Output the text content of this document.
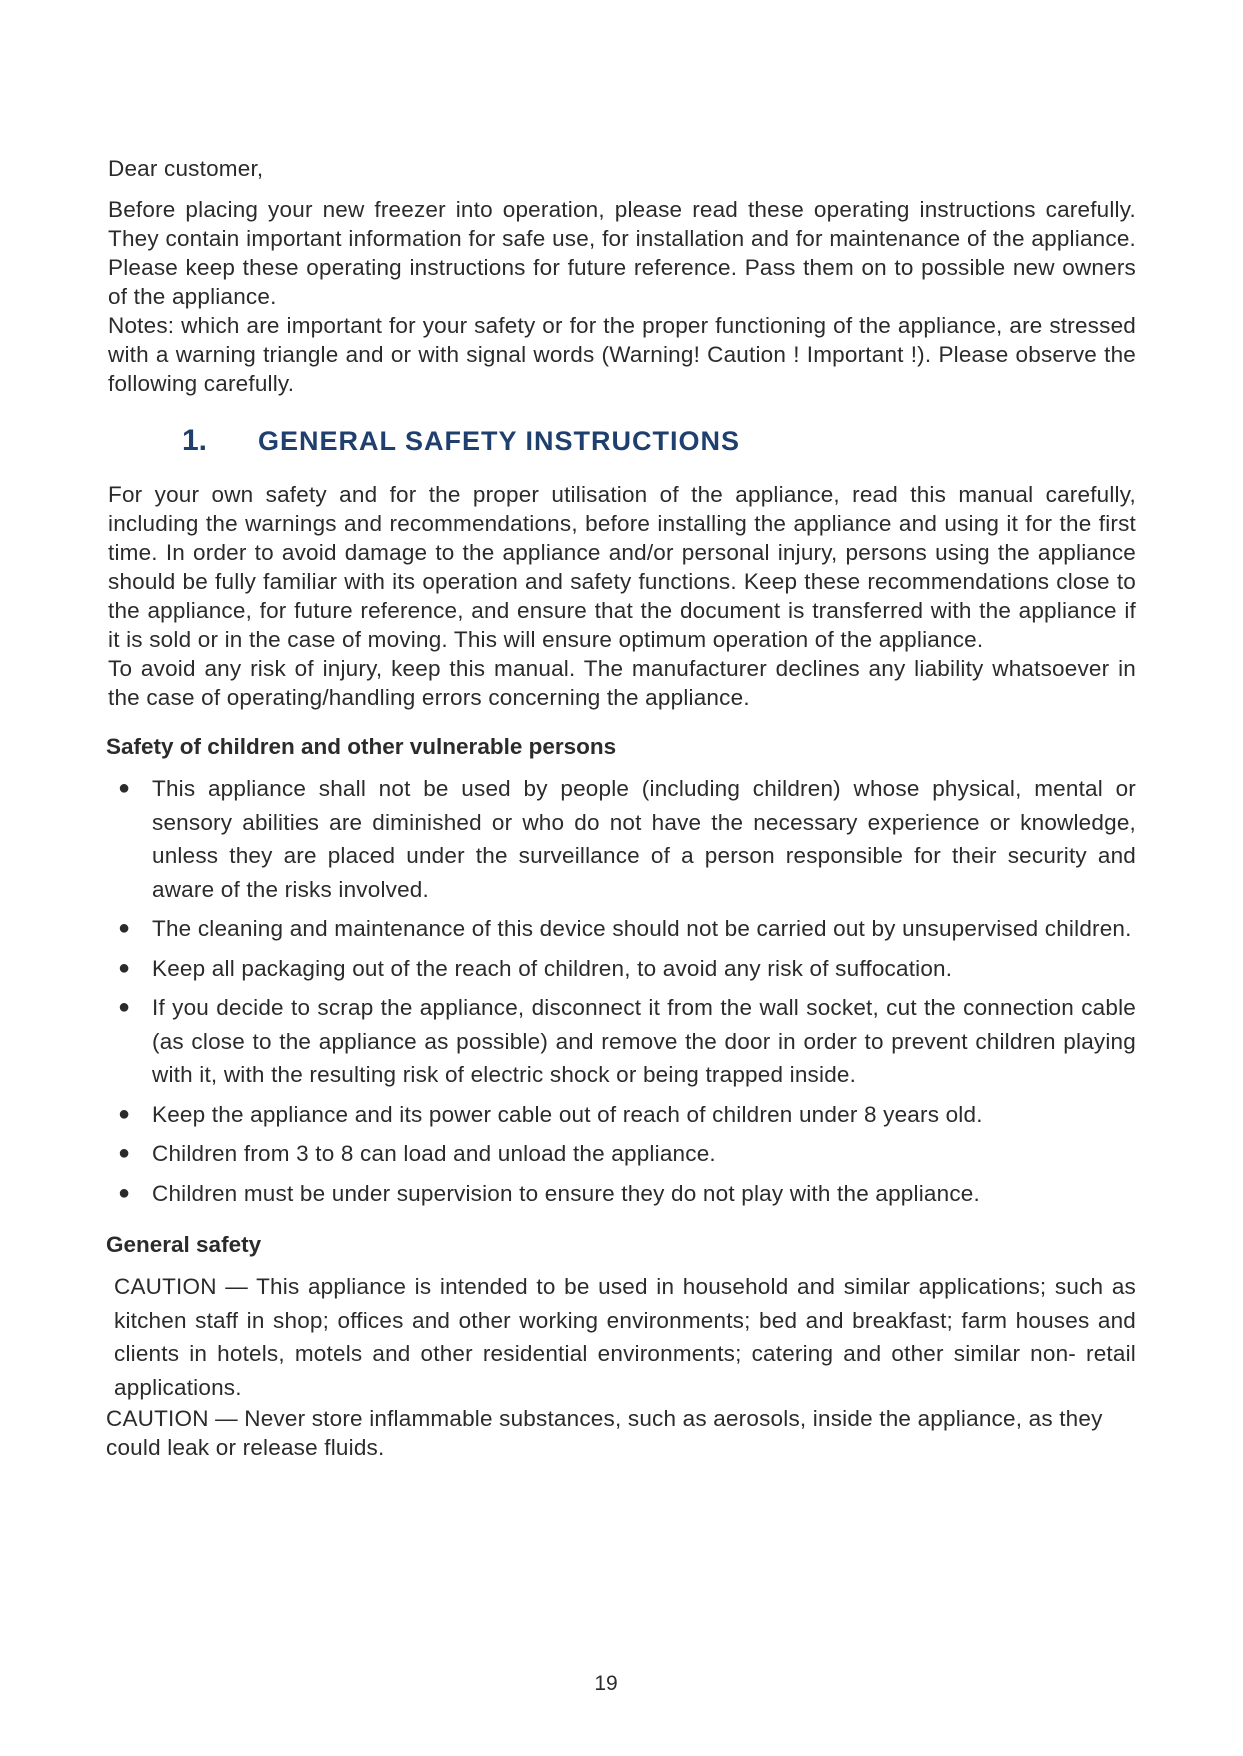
Dear customer,

Before placing your new freezer into operation, please read these operating instructions carefully. They contain important information for safe use, for installation and for maintenance of the appliance. Please keep these operating instructions for future reference. Pass them on to possible new owners of the appliance.

Notes: which are important for your safety or for the proper functioning of the appliance, are stressed with a warning triangle and or with signal words (Warning! Caution ! Important !). Please observe the following carefully.

1.	GENERAL SAFETY INSTRUCTIONS

For your own safety and for the proper utilisation of the appliance, read this manual carefully, including the warnings and recommendations, before installing the appliance and using it for the first time. In order to avoid damage to the appliance and/or personal injury, persons using the appliance should be fully familiar with its operation and safety functions. Keep these recommendations close to the appliance, for future reference, and ensure that the document is transferred with the appliance if it is sold or in the case of moving. This will ensure optimum operation of the appliance.

To avoid any risk of injury, keep this manual. The manufacturer declines any liability whatsoever in the case of operating/handling errors concerning the appliance.

Safety of children and other vulnerable persons
● This appliance shall not be used by people (including children) whose physical, mental or sensory abilities are diminished or who do not have the necessary experience or knowledge, unless they are placed under the surveillance of a person responsible for their security and aware of the risks involved.
● The cleaning and maintenance of this device should not be carried out by unsupervised children.
● Keep all packaging out of the reach of children, to avoid any risk of suffocation.
● If you decide to scrap the appliance, disconnect it from the wall socket, cut the connection cable (as close to the appliance as possible) and remove the door in order to prevent children playing with it, with the resulting risk of electric shock or being trapped inside.
● Keep the appliance and its power cable out of reach of children under 8 years old.
● Children from 3 to 8 can load and unload the appliance.
● Children must be under supervision to ensure they do not play with the appliance.
General safety

CAUTION — This appliance is intended to be used in household and similar applications; such as kitchen staff in shop; offices and other working environments; bed and breakfast; farm houses and clients in hotels, motels and other residential environments; catering and other similar non- retail applications.

CAUTION — Never store inflammable substances, such as aerosols, inside the appliance, as they could leak or release fluids.

19
